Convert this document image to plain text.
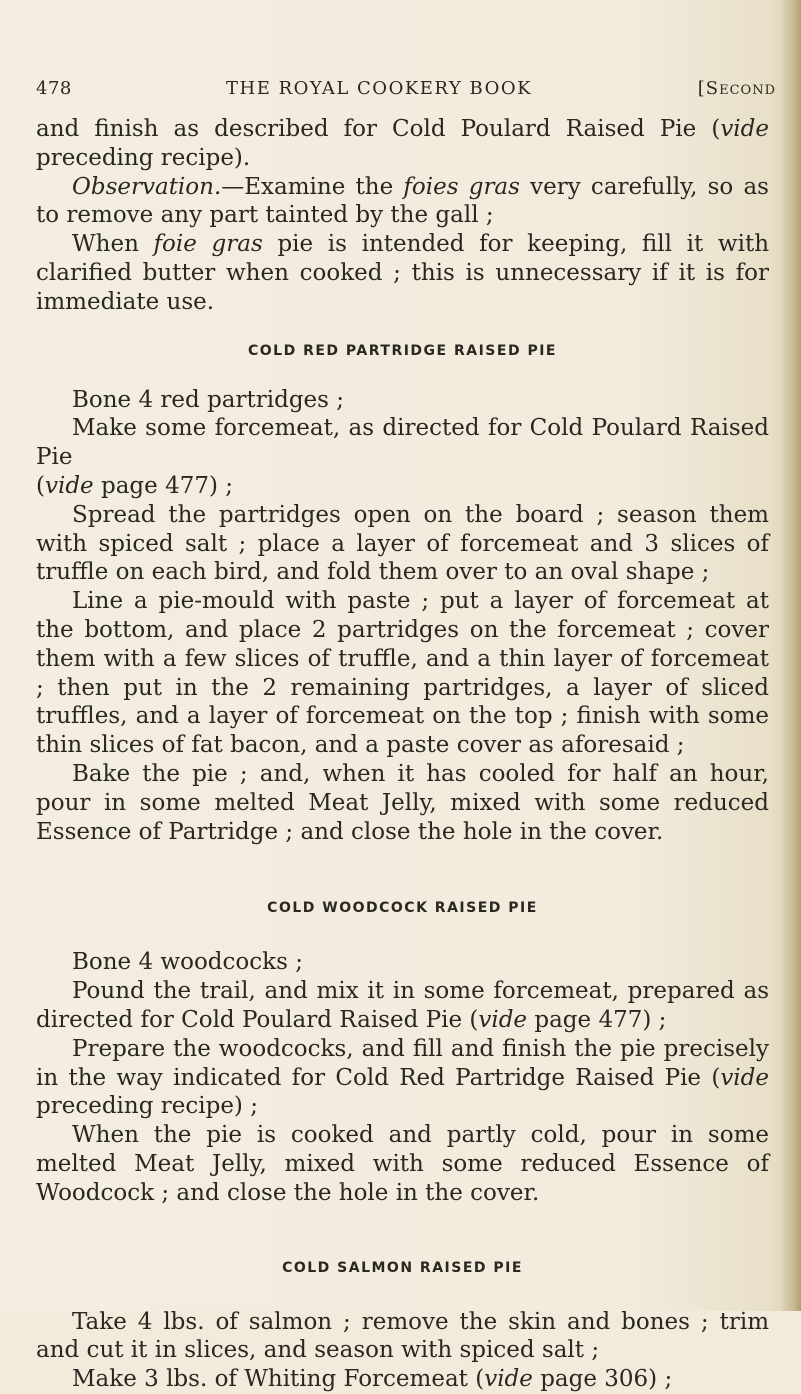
478	THE ROYAL COOKERY BOOK	[Second

and finish as described for Cold Poulard Raised Pie (vide preceding recipe).

Observation.—Examine the foies gras very carefully, so as to remove any part tainted by the gall ;

When foie gras pie is intended for keeping, fill it with clarified butter when cooked ; this is unnecessary if it is for immediate use.

COLD RED PARTRIDGE RAISED PIE

Bone 4 red partridges ;

Make some forcemeat, as directed for Cold Poulard Raised Pie

(vide page 477) ;

Spread the partridges open on the board ; season them with spiced salt ; place a layer of forcemeat and 3 slices of truffle on each bird, and fold them over to an oval shape ;

Line a pie-mould with paste ; put a layer of forcemeat at the bottom, and place 2 partridges on the forcemeat ; cover them with a few slices of truffle, and a thin layer of forcemeat ; then put in the 2 remaining partridges, a layer of sliced truffles, and a layer of forcemeat on the top ; finish with some thin slices of fat bacon, and a paste cover as aforesaid ;

Bake the pie ; and, when it has cooled for half an hour, pour in some melted Meat Jelly, mixed with some reduced Essence of Partridge ; and close the hole in the cover.

COLD WOODCOCK RAISED PIE

Bone 4 woodcocks ;

Pound the trail, and mix it in some forcemeat, prepared as directed for Cold Poulard Raised Pie (vide page 477) ;

Prepare the woodcocks, and fill and finish the pie precisely in the way indicated for Cold Red Partridge Raised Pie (vide preceding recipe) ;

When the pie is cooked and partly cold, pour in some melted Meat Jelly, mixed with some reduced Essence of Woodcock ; and close the hole in the cover.

COLD SALMON RAISED PIE

Take 4 lbs. of salmon ; remove the skin and bones ; trim and cut it in slices, and season with spiced salt ;

Make 3 lbs. of Whiting Forcemeat (vide page 306) ;
